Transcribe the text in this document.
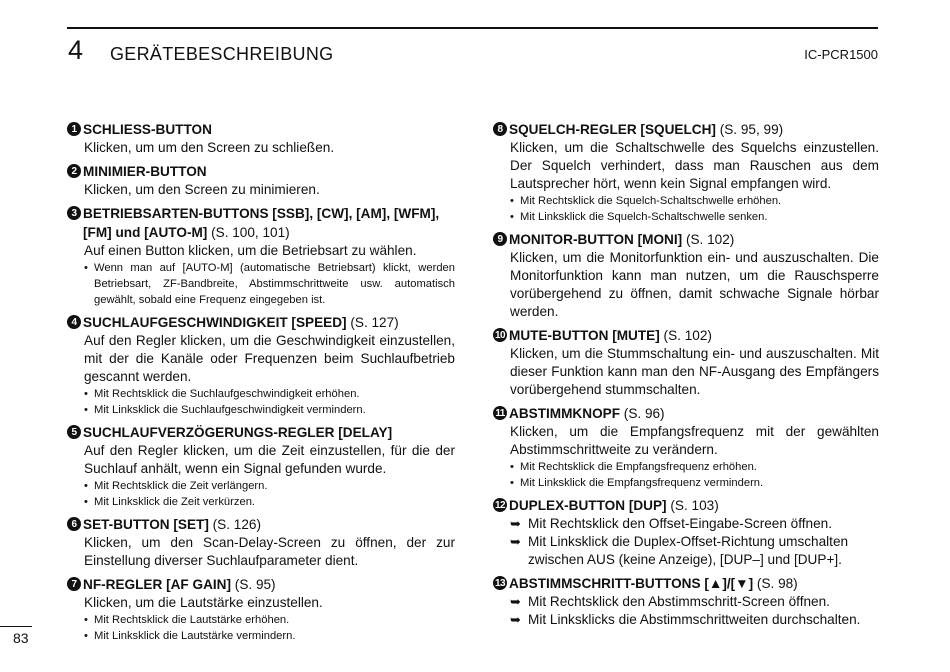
4 GERÄTEBESCHREIBUNG	IC-PCR1500
1 SCHLIESS-BUTTON
Klicken, um um den Screen zu schließen.
2 MINIMIER-BUTTON
Klicken, um den Screen zu minimieren.
3 BETRIEBSARTEN-BUTTONS [SSB], [CW], [AM], [WFM], [FM] und [AUTO-M] (S. 100, 101)
Auf einen Button klicken, um die Betriebsart zu wählen.
• Wenn man auf [AUTO-M] (automatische Betriebsart) klickt, werden Betriebsart, ZF-Bandbreite, Abstimmschrittweite usw. automatisch gewählt, sobald eine Frequenz eingegeben ist.
4 SUCHLAUFGESCHWINDIGKEIT [SPEED] (S. 127)
Auf den Regler klicken, um die Geschwindigkeit einzustellen, mit der die Kanäle oder Frequenzen beim Suchlaufbetrieb gescannt werden.
• Mit Rechtsklick die Suchlaufgeschwindigkeit erhöhen.
• Mit Linksklick die Suchlaufgeschwindigkeit vermindern.
5 SUCHLAUFVERZÖGERUNGS-REGLER [DELAY]
Auf den Regler klicken, um die Zeit einzustellen, für die der Suchlauf anhält, wenn ein Signal gefunden wurde.
• Mit Rechtsklick die Zeit verlängern.
• Mit Linksklick die Zeit verkürzen.
6 SET-BUTTON [SET] (S. 126)
Klicken, um den Scan-Delay-Screen zu öffnen, der zur Einstellung diverser Suchlaufparameter dient.
7 NF-REGLER [AF GAIN] (S. 95)
Klicken, um die Lautstärke einzustellen.
• Mit Rechtsklick die Lautstärke erhöhen.
• Mit Linksklick die Lautstärke vermindern.
8 SQUELCH-REGLER [SQUELCH] (S. 95, 99)
Klicken, um die Schaltschwelle des Squelchs einzustellen. Der Squelch verhindert, dass man Rauschen aus dem Lautsprecher hört, wenn kein Signal empfangen wird.
• Mit Rechtsklick die Squelch-Schaltschwelle erhöhen.
• Mit Linksklick die Squelch-Schaltschwelle senken.
9 MONITOR-BUTTON [MONI] (S. 102)
Klicken, um die Monitorfunktion ein- und auszuschalten. Die Monitorfunktion kann man nutzen, um die Rauschsperre vorübergehend zu öffnen, damit schwache Signale hörbar werden.
10 MUTE-BUTTON [MUTE] (S. 102)
Klicken, um die Stummschaltung ein- und auszuschalten. Mit dieser Funktion kann man den NF-Ausgang des Empfängers vorübergehend stummschalten.
11 ABSTIMMKNOPF (S. 96)
Klicken, um die Empfangsfrequenz mit der gewählten Abstimmschrittweite zu verändern.
• Mit Rechtsklick die Empfangsfrequenz erhöhen.
• Mit Linksklick die Empfangsfrequenz vermindern.
12 DUPLEX-BUTTON [DUP] (S. 103)
➥ Mit Rechtsklick den Offset-Eingabe-Screen öffnen.
➥ Mit Linksklick die Duplex-Offset-Richtung umschalten zwischen AUS (keine Anzeige), [DUP–] und [DUP+].
13 ABSTIMMSCHRITT-BUTTONS [▲]/[▼] (S. 98)
➥ Mit Rechtsklick den Abstimmschritt-Screen öffnen.
➥ Mit Linksklicks die Abstimmschrittweiten durchschalten.
83
